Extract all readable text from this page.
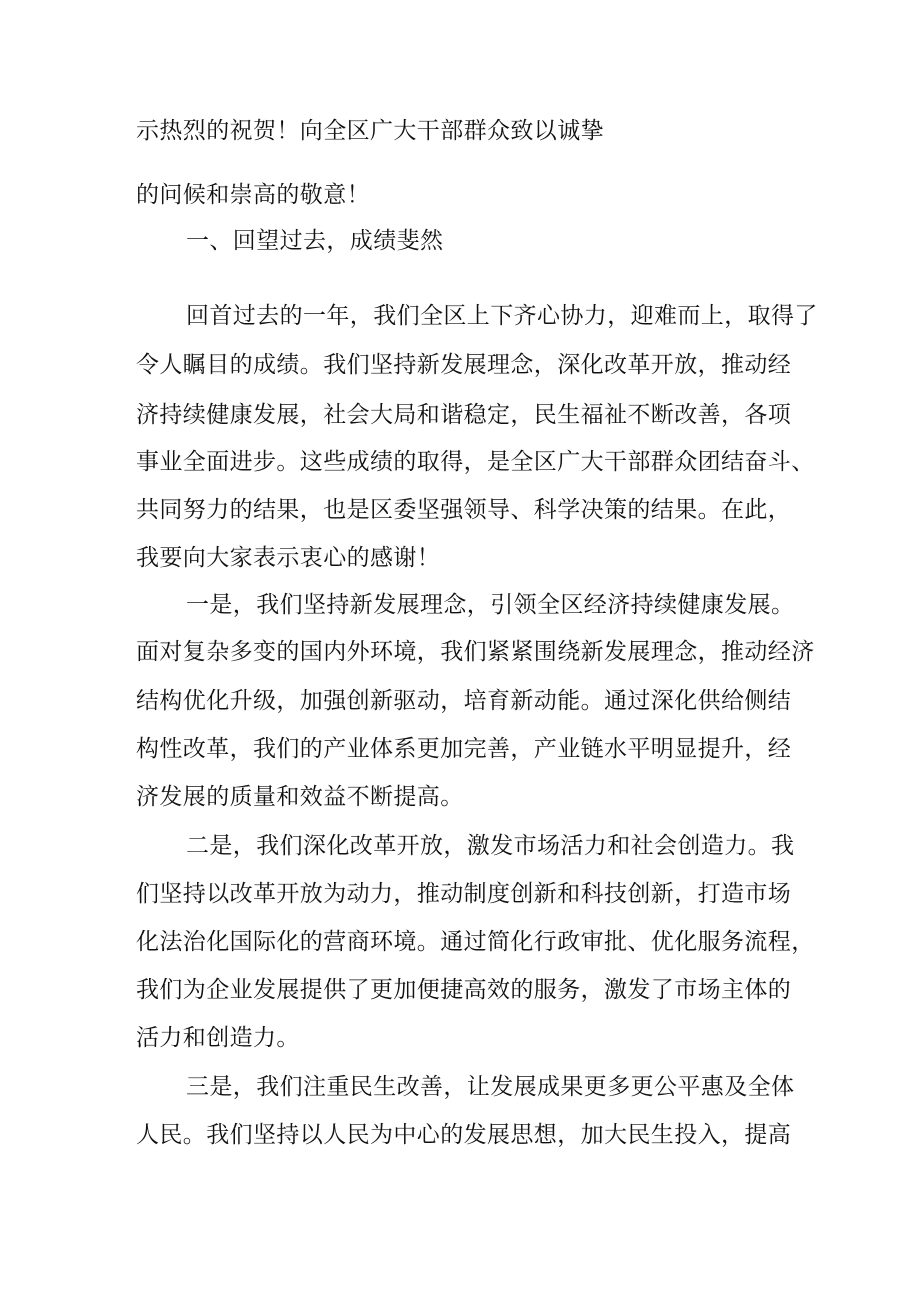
示热烈的祝贺！向全区广大干部群众致以诚挚
的问候和崇高的敬意！
一、回望过去，成绩斐然
回首过去的一年，我们全区上下齐心协力，迎难而上，取得了
令人瞩目的成绩。我们坚持新发展理念，深化改革开放，推动经
济持续健康发展，社会大局和谐稳定，民生福祉不断改善，各项
事业全面进步。这些成绩的取得，是全区广大干部群众团结奋斗、
共同努力的结果，也是区委坚强领导、科学决策的结果。在此，
我要向大家表示衷心的感谢！
一是，我们坚持新发展理念，引领全区经济持续健康发展。
面对复杂多变的国内外环境，我们紧紧围绕新发展理念，推动经济
结构优化升级，加强创新驱动，培育新动能。通过深化供给侧结
构性改革，我们的产业体系更加完善，产业链水平明显提升，经
济发展的质量和效益不断提高。
二是，我们深化改革开放，激发市场活力和社会创造力。我
们坚持以改革开放为动力，推动制度创新和科技创新，打造市场
化法治化国际化的营商环境。通过简化行政审批、优化服务流程，
我们为企业发展提供了更加便捷高效的服务，激发了市场主体的
活力和创造力。
三是，我们注重民生改善，让发展成果更多更公平惠及全体
人民。我们坚持以人民为中心的发展思想，加大民生投入，提高
